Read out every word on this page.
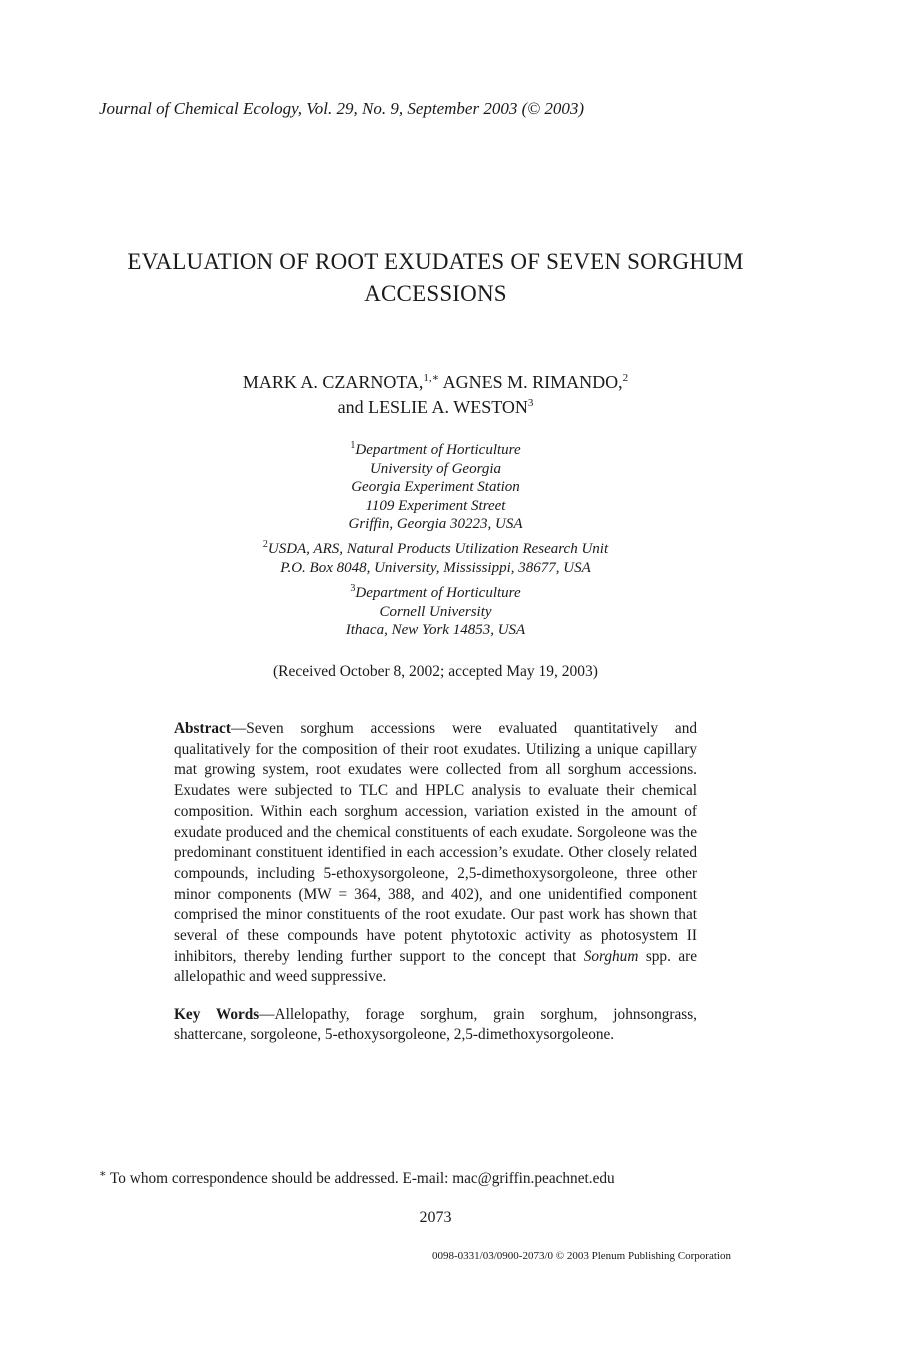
Journal of Chemical Ecology, Vol. 29, No. 9, September 2003 (© 2003)
EVALUATION OF ROOT EXUDATES OF SEVEN SORGHUM
ACCESSIONS
MARK A. CZARNOTA,$^{1,∗}$ AGNES M. RIMANDO,$^2$
and LESLIE A. WESTON$^3$
$^1$Department of Horticulture
University of Georgia
Georgia Experiment Station
1109 Experiment Street
Griffin, Georgia 30223, USA
$^2$USDA, ARS, Natural Products Utilization Research Unit
P.O. Box 8048, University, Mississippi, 38677, USA
$^3$Department of Horticulture
Cornell University
Ithaca, New York 14853, USA
(Received October 8, 2002; accepted May 19, 2003)
Abstract—Seven sorghum accessions were evaluated quantitatively and qualitatively for the composition of their root exudates. Utilizing a unique capillary mat growing system, root exudates were collected from all sorghum accessions. Exudates were subjected to TLC and HPLC analysis to evaluate their chemical composition. Within each sorghum accession, variation existed in the amount of exudate produced and the chemical constituents of each exudate. Sorgoleone was the predominant constituent identified in each accession’s exudate. Other closely related compounds, including 5-ethoxysorgoleone, 2,5-dimethoxysorgoleone, three other minor components (MW = 364, 388, and 402), and one unidentified component comprised the minor constituents of the root exudate. Our past work has shown that several of these compounds have potent phytotoxic activity as photosystem II inhibitors, thereby lending further support to the concept that Sorghum spp. are allelopathic and weed suppressive.
Key Words—Allelopathy, forage sorghum, grain sorghum, johnsongrass, shattercane, sorgoleone, 5-ethoxysorgoleone, 2,5-dimethoxysorgoleone.
∗ To whom correspondence should be addressed. E-mail: mac@griffin.peachnet.edu
2073
0098-0331/03/0900-2073/0 © 2003 Plenum Publishing Corporation
